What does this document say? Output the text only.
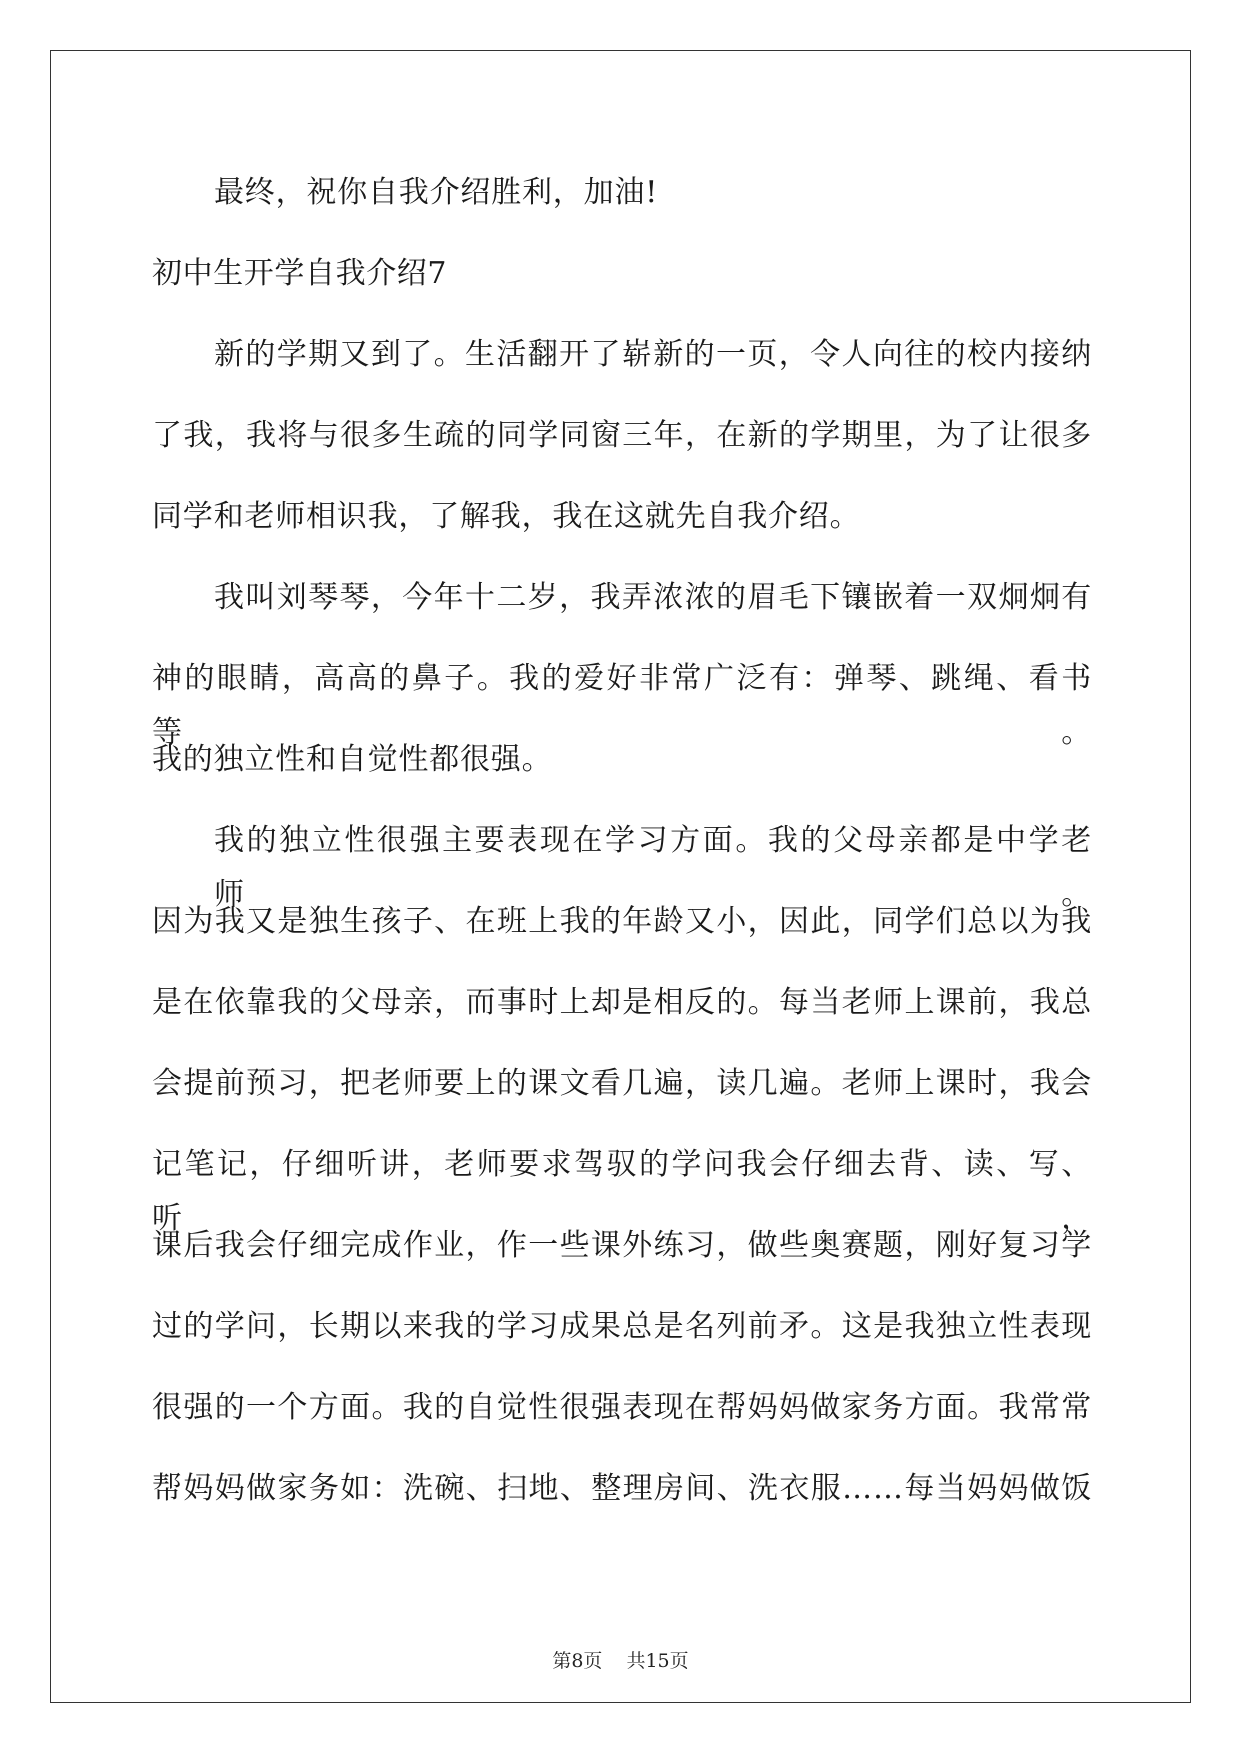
最终，祝你自我介绍胜利，加油!
初中生开学自我介绍7
新的学期又到了。生活翻开了崭新的一页，令人向往的校内接纳
了我，我将与很多生疏的同学同窗三年，在新的学期里，为了让很多
同学和老师相识我，了解我，我在这就先自我介绍。
我叫刘琴琴，今年十二岁，我弄浓浓的眉毛下镶嵌着一双炯炯有
神的眼睛，高高的鼻子。我的爱好非常广泛有：弹琴、跳绳、看书等。
我的独立性和自觉性都很强。
我的独立性很强主要表现在学习方面。我的父母亲都是中学老师。
因为我又是独生孩子、在班上我的年龄又小，因此，同学们总以为我
是在依靠我的父母亲，而事时上却是相反的。每当老师上课前，我总
会提前预习，把老师要上的课文看几遍，读几遍。老师上课时，我会
记笔记，仔细听讲，老师要求驾驭的学问我会仔细去背、读、写、听，
课后我会仔细完成作业，作一些课外练习，做些奥赛题，刚好复习学
过的学问，长期以来我的学习成果总是名列前矛。这是我独立性表现
很强的一个方面。我的自觉性很强表现在帮妈妈做家务方面。我常常
帮妈妈做家务如：洗碗、扫地、整理房间、洗衣服……每当妈妈做饭
第8页 共15页
